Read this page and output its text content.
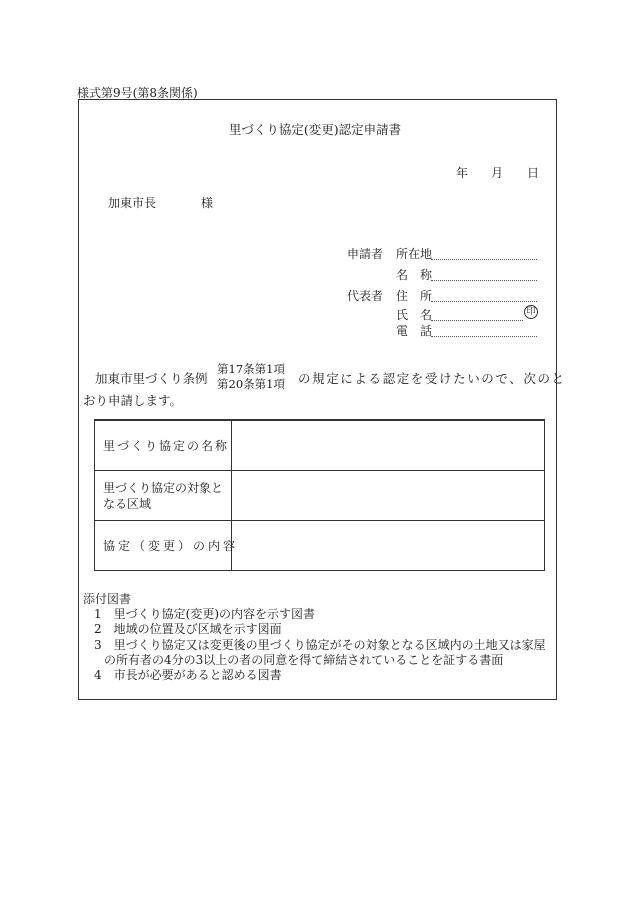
様式第9号(第8条関係)
里づくり協定(変更)認定申請書
年 月 日
加東市長	様
申請者 所在地
名　称
代表者 住　所
氏　名	印
電　話
加東市里づくり条例
第17条第1項
第20条第1項 の規定による認定を受けたいので、次のと
おり申請します。
里づくり協定の名称
里づくり協定の対象と
なる区域
協定（変更）の内容
添付図書
1　 里づくり協定(変更)の内容を示す図書
2　 地域の位置及び区域を示す図面
3　 里づくり協定又は変更後の里づくり協定がその対象となる区域内の土地又は家屋
の所有者の4分の3以上の者の同意を得て締結されていることを証する書面
4　 市長が必要があると認める図書
